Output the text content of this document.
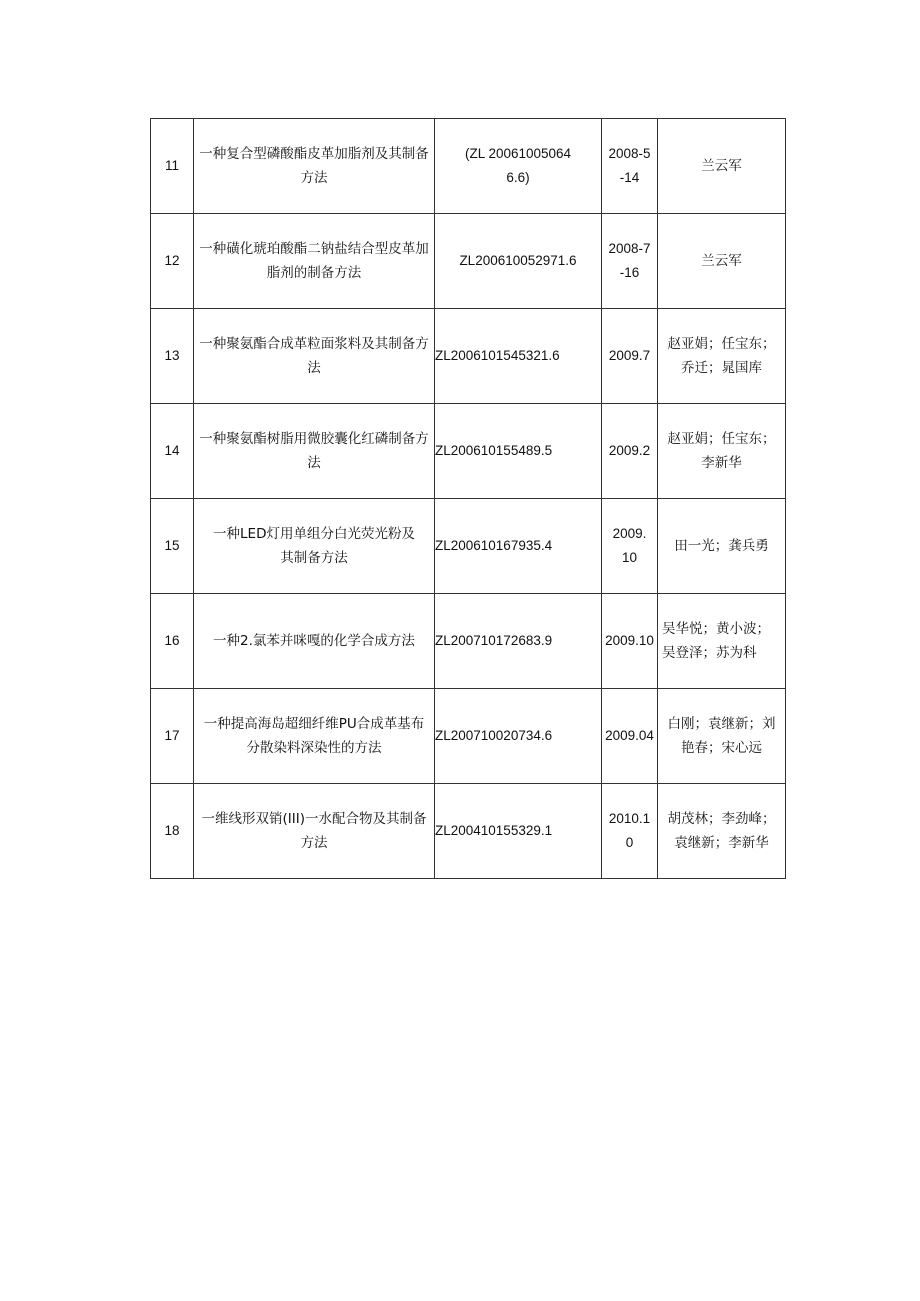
11	一种复合型磷酸酯皮革加脂剂及其制备方法	(ZL 200610050646.6)	2008-5-14	兰云军
12	一种磺化琥珀酸酯二钠盐结合型皮革加脂剂的制备方法	ZL200610052971.6	2008-7-16	兰云军
13	一种聚氨酯合成革粒面浆料及其制备方法	ZL2006101545321.6	2009.7	赵亚娟；任宝东；乔迁；晁国库
14	一种聚氨酯树脂用微胶囊化红磷制备方法	ZL200610155489.5	2009.2	赵亚娟；任宝东；李新华
15	一种LED灯用单组分白光荧光粉及其制备方法	ZL200610167935.4	2009.10	田一光；龚兵勇
16	一种2.氯苯并咪嘎的化学合成方法	ZL200710172683.9	2009.10	吴华悦；黄小波；吴登泽；苏为科
17	一种提高海岛超细纤维PU合成革基布分散染料深染性的方法	ZL200710020734.6	2009.04	白刚；袁继新；刘艳春；宋心远
18	一维线形双销(III)一水配合物及其制备方法	ZL200410155329.1	2010.10	胡茂林；李劲峰；袁继新；李新华
